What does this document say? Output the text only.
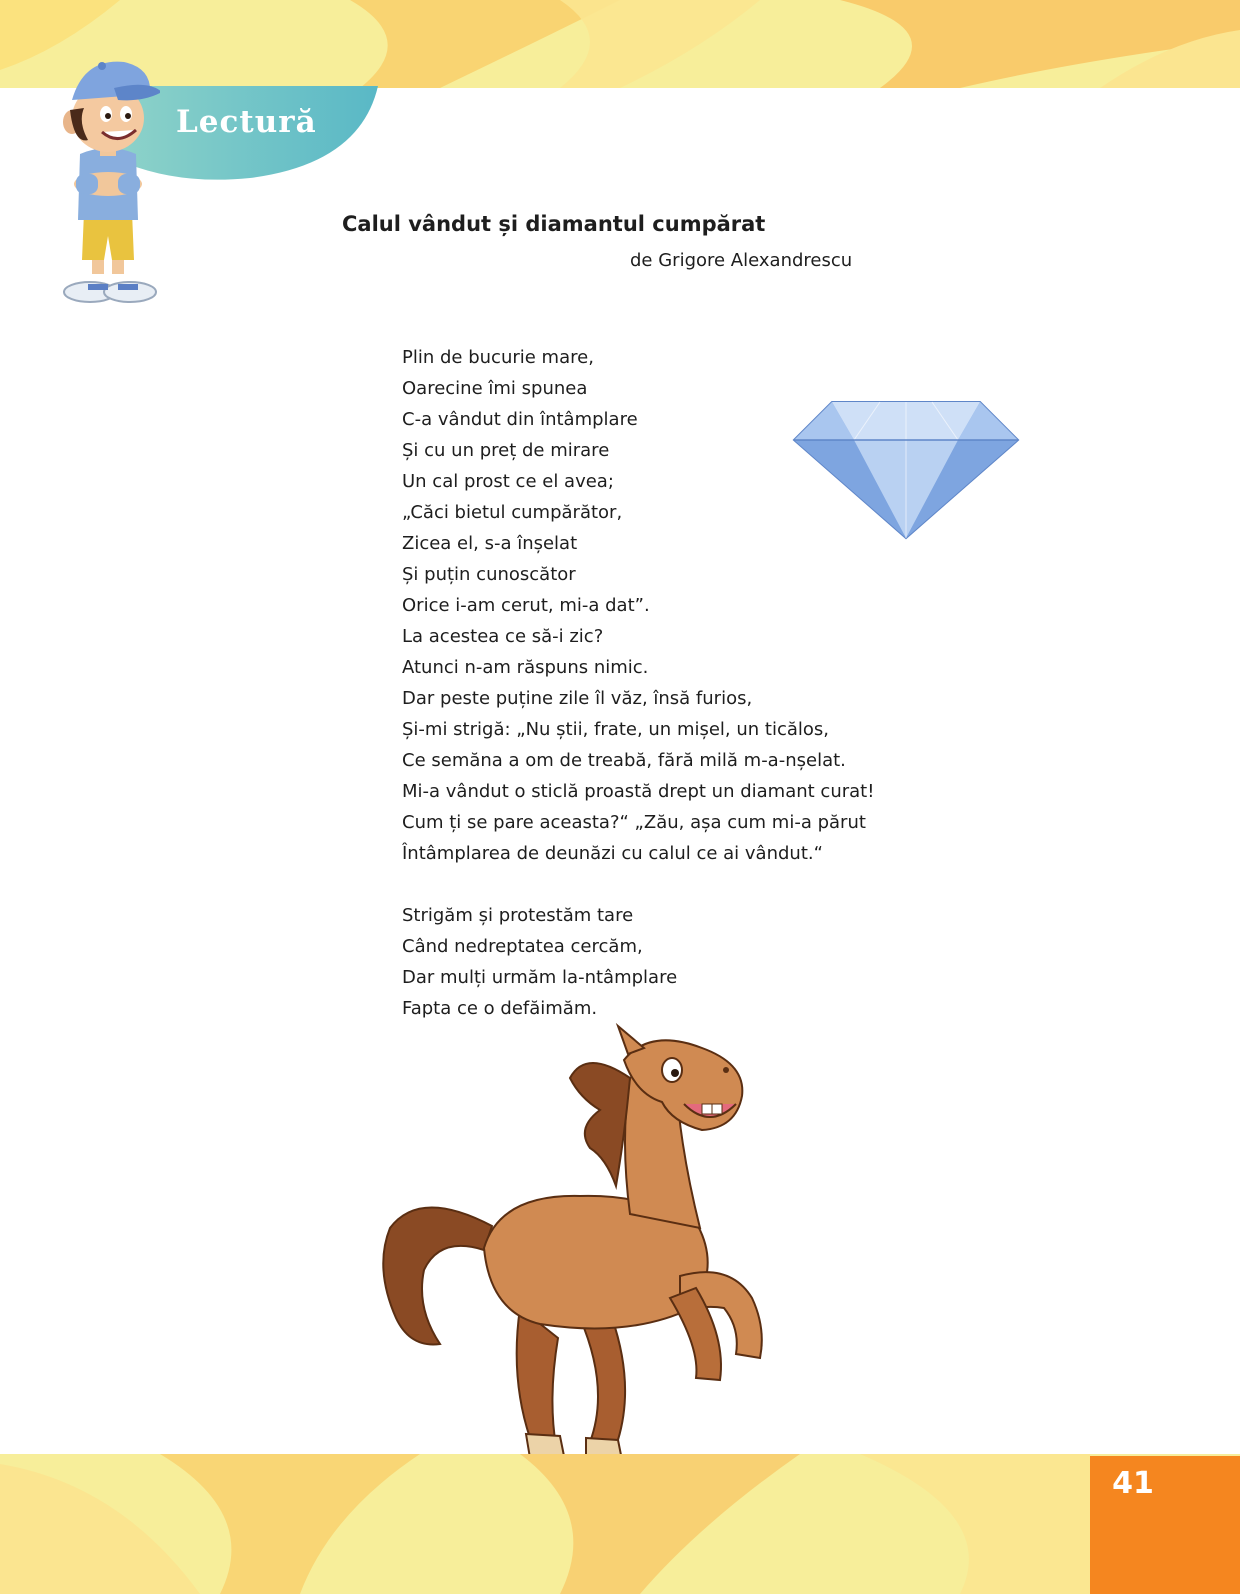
Lectură
Calul vândut și diamantul cumpărat
de Grigore Alexandrescu
Plin de bucurie mare,
Oarecine îmi spunea
C-a vândut din întâmplare
Și cu un preț de mirare
Un cal prost ce el avea;
„Căci bietul cumpărător,
Zicea el, s-a înșelat
Și puțin cunoscător
Orice i-am cerut, mi-a dat”.
La acestea ce să-i zic?
Atunci n-am răspuns nimic.
Dar peste puține zile îl văz, însă furios,
Și-mi strigă: „Nu știi, frate, un mișel, un ticălos,
Ce semăna a om de treabă, fără milă m-a-nșelat.
Mi-a vândut o sticlă proastă drept un diamant curat!
Cum ți se pare aceasta?“ „Zău, așa cum mi-a părut
Întâmplarea de deunăzi cu calul ce ai vândut.“
Strigăm și protestăm tare
Când nedreptatea cercăm,
Dar mulți urmăm la-ntâmplare
Fapta ce o defăimăm.
41
